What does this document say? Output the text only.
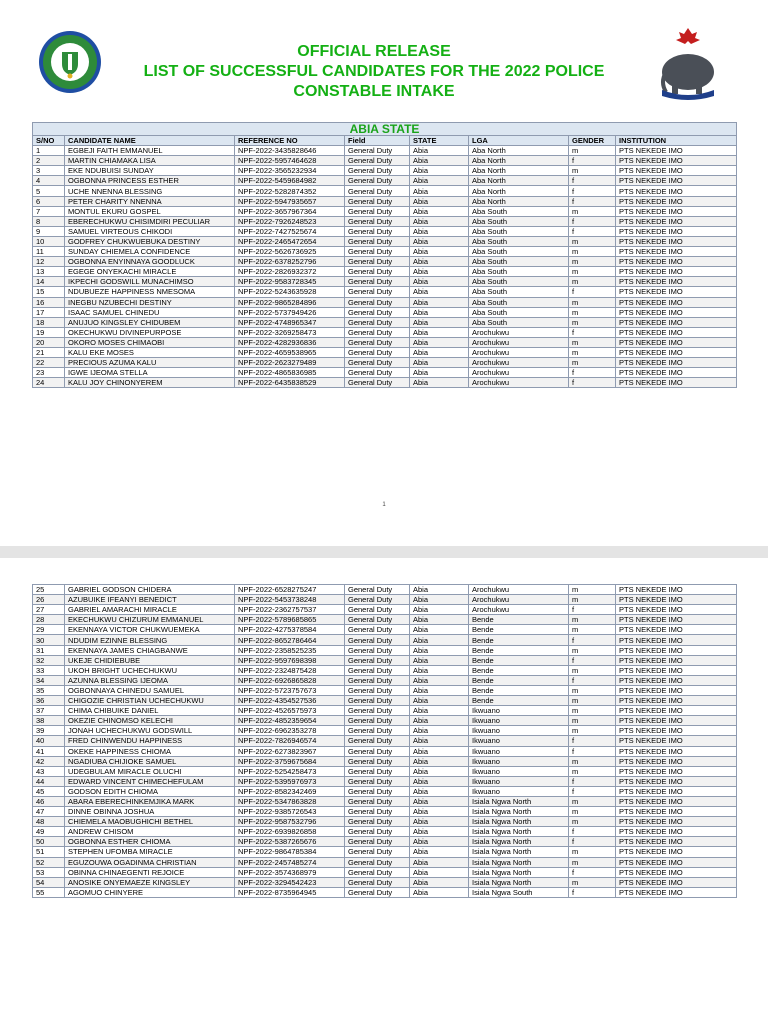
OFFICIAL RELEASE
LIST OF SUCCESSFUL CANDIDATES FOR THE 2022 POLICE
CONSTABLE INTAKE
ABIA STATE							
S/NO	CANDIDATE NAME	REFERENCE NO	Field	STATE	LGA	GENDER	INSTITUTION
1	EGBEJI FAITH EMMANUEL	NPF-2022-3435828646	General Duty	Abia	Aba North	m	PTS NEKEDE IMO
2	MARTIN CHIAMAKA LISA	NPF-2022-5957464628	General Duty	Abia	Aba North	f	PTS NEKEDE IMO
3	EKE NDUBUISI SUNDAY	NPF-2022-3565232934	General Duty	Abia	Aba North	m	PTS NEKEDE IMO
4	OGBONNA PRINCESS ESTHER	NPF-2022-5459684982	General Duty	Abia	Aba North	f	PTS NEKEDE IMO
5	UCHE NNENNA BLESSING	NPF-2022-5282874352	General Duty	Abia	Aba North	f	PTS NEKEDE IMO
6	PETER CHARITY NNENNA	NPF-2022-5947935657	General Duty	Abia	Aba North	f	PTS NEKEDE IMO
7	MONTUL EKURU GOSPEL	NPF-2022-3657967364	General Duty	Abia	Aba South	m	PTS NEKEDE IMO
8	EBERECHUKWU CHISIMDIRI PECULIAR	NPF-2022-7926248523	General Duty	Abia	Aba South	f	PTS NEKEDE IMO
9	SAMUEL VIRTEOUS CHIKODI	NPF-2022-7427525674	General Duty	Abia	Aba South	f	PTS NEKEDE IMO
10	GODFREY CHUKWUEBUKA DESTINY	NPF-2022-2465472654	General Duty	Abia	Aba South	m	PTS NEKEDE IMO
11	SUNDAY CHIEMELA CONFIDENCE	NPF-2022-5626736925	General Duty	Abia	Aba South	m	PTS NEKEDE IMO
12	OGBONNA ENYINNAYA GOODLUCK	NPF-2022-6378252796	General Duty	Abia	Aba South	m	PTS NEKEDE IMO
13	EGEGE ONYEKACHI MIRACLE	NPF-2022-2826932372	General Duty	Abia	Aba South	m	PTS NEKEDE IMO
14	IKPECHI GODSWILL MUNACHIMSO	NPF-2022-9583728345	General Duty	Abia	Aba South	m	PTS NEKEDE IMO
15	NDUBUEZE HAPPINESS NMESOMA	NPF-2022-5243635928	General Duty	Abia	Aba South	f	PTS NEKEDE IMO
16	INEGBU NZUBECHI DESTINY	NPF-2022-9865284896	General Duty	Abia	Aba South	m	PTS NEKEDE IMO
17	ISAAC SAMUEL CHINEDU	NPF-2022-5737949426	General Duty	Abia	Aba South	m	PTS NEKEDE IMO
18	ANUJUO KINGSLEY CHIDUBEM	NPF-2022-4748965347	General Duty	Abia	Aba South	m	PTS NEKEDE IMO
19	OKECHUKWU DIVINEPURPOSE	NPF-2022-3269258473	General Duty	Abia	Arochukwu	f	PTS NEKEDE IMO
20	OKORO MOSES CHIMAOBI	NPF-2022-4282936836	General Duty	Abia	Arochukwu	m	PTS NEKEDE IMO
21	KALU EKE MOSES	NPF-2022-4659538965	General Duty	Abia	Arochukwu	m	PTS NEKEDE IMO
22	PRECIOUS AZUMA KALU	NPF-2022-2623279489	General Duty	Abia	Arochukwu	m	PTS NEKEDE IMO
23	IGWE IJEOMA STELLA	NPF-2022-4865836985	General Duty	Abia	Arochukwu	f	PTS NEKEDE IMO
24	KALU JOY CHINONYEREM	NPF-2022-6435838529	General Duty	Abia	Arochukwu	f	PTS NEKEDE IMO
1
25	GABRIEL GODSON CHIDERA	NPF-2022-6528275247	General Duty	Abia	Arochukwu	m	PTS NEKEDE IMO
26	AZUBUIKE IFEANYI BENEDICT	NPF-2022-5453738248	General Duty	Abia	Arochukwu	m	PTS NEKEDE IMO
27	GABRIEL AMARACHI MIRACLE	NPF-2022-2362757537	General Duty	Abia	Arochukwu	f	PTS NEKEDE IMO
28	EKECHUKWU CHIZURUM EMMANUEL	NPF-2022-5789685865	General Duty	Abia	Bende	m	PTS NEKEDE IMO
29	EKENNAYA VICTOR CHUKWUEMEKA	NPF-2022-4275378584	General Duty	Abia	Bende	m	PTS NEKEDE IMO
30	NDUDIM EZINNE BLESSING	NPF-2022-8652786464	General Duty	Abia	Bende	f	PTS NEKEDE IMO
31	EKENNAYA JAMES CHIAGBANWE	NPF-2022-2358525235	General Duty	Abia	Bende	m	PTS NEKEDE IMO
32	UKEJE CHIDIEBUBE	NPF-2022-9597698398	General Duty	Abia	Bende	f	PTS NEKEDE IMO
33	UKOH BRIGHT UCHECHUKWU	NPF-2022-2324875428	General Duty	Abia	Bende	m	PTS NEKEDE IMO
34	AZUNNA BLESSING IJEOMA	NPF-2022-6926865828	General Duty	Abia	Bende	f	PTS NEKEDE IMO
35	OGBONNAYA CHINEDU SAMUEL	NPF-2022-5723757673	General Duty	Abia	Bende	m	PTS NEKEDE IMO
36	CHIGOZIE CHRISTIAN UCHECHUKWU	NPF-2022-4354527536	General Duty	Abia	Bende	m	PTS NEKEDE IMO
37	CHIMA CHIBUIKE DANIEL	NPF-2022-4526575973	General Duty	Abia	Ikwuano	m	PTS NEKEDE IMO
38	OKEZIE CHINOMSO KELECHI	NPF-2022-4852359654	General Duty	Abia	Ikwuano	m	PTS NEKEDE IMO
39	JONAH UCHECHUKWU GODSWILL	NPF-2022-6962353278	General Duty	Abia	Ikwuano	m	PTS NEKEDE IMO
40	FRED CHINWENDU HAPPINESS	NPF-2022-7826946574	General Duty	Abia	Ikwuano	f	PTS NEKEDE IMO
41	OKEKE HAPPINESS CHIOMA	NPF-2022-6273823967	General Duty	Abia	Ikwuano	f	PTS NEKEDE IMO
42	NGADIUBA CHIJIOKE SAMUEL	NPF-2022-3759675684	General Duty	Abia	Ikwuano	m	PTS NEKEDE IMO
43	UDEGBULAM MIRACLE OLUCHI	NPF-2022-5254258473	General Duty	Abia	Ikwuano	m	PTS NEKEDE IMO
44	EDWARD VINCENT CHIMECHEFULAM	NPF-2022-5395976973	General Duty	Abia	Ikwuano	f	PTS NEKEDE IMO
45	GODSON EDITH CHIOMA	NPF-2022-8582342469	General Duty	Abia	Ikwuano	f	PTS NEKEDE IMO
46	ABARA EBERECHINKEMJIKA MARK	NPF-2022-5347863828	General Duty	Abia	Isiala Ngwa North	m	PTS NEKEDE IMO
47	DINNE OBINNA JOSHUA	NPF-2022-9385726543	General Duty	Abia	Isiala Ngwa North	m	PTS NEKEDE IMO
48	CHIEMELA MAOBUGHICHI BETHEL	NPF-2022-9587532796	General Duty	Abia	Isiala Ngwa North	m	PTS NEKEDE IMO
49	ANDREW CHISOM	NPF-2022-6939826858	General Duty	Abia	Isiala Ngwa North	f	PTS NEKEDE IMO
50	OGBONNA ESTHER CHIOMA	NPF-2022-5387265676	General Duty	Abia	Isiala Ngwa North	f	PTS NEKEDE IMO
51	STEPHEN UFOMBA MIRACLE	NPF-2022-9864785384	General Duty	Abia	Isiala Ngwa North	m	PTS NEKEDE IMO
52	EGUZOUWA OGADINMA CHRISTIAN	NPF-2022-2457485274	General Duty	Abia	Isiala Ngwa North	m	PTS NEKEDE IMO
53	OBINNA CHINAEGENTI REJOICE	NPF-2022-3574368979	General Duty	Abia	Isiala Ngwa North	f	PTS NEKEDE IMO
54	ANOSIKE ONYEMAEZE KINGSLEY	NPF-2022-3294542423	General Duty	Abia	Isiala Ngwa North	m	PTS NEKEDE IMO
55	AGOMUO CHINYERE	NPF-2022-8735964945	General Duty	Abia	Isiala Ngwa South	f	PTS NEKEDE IMO
